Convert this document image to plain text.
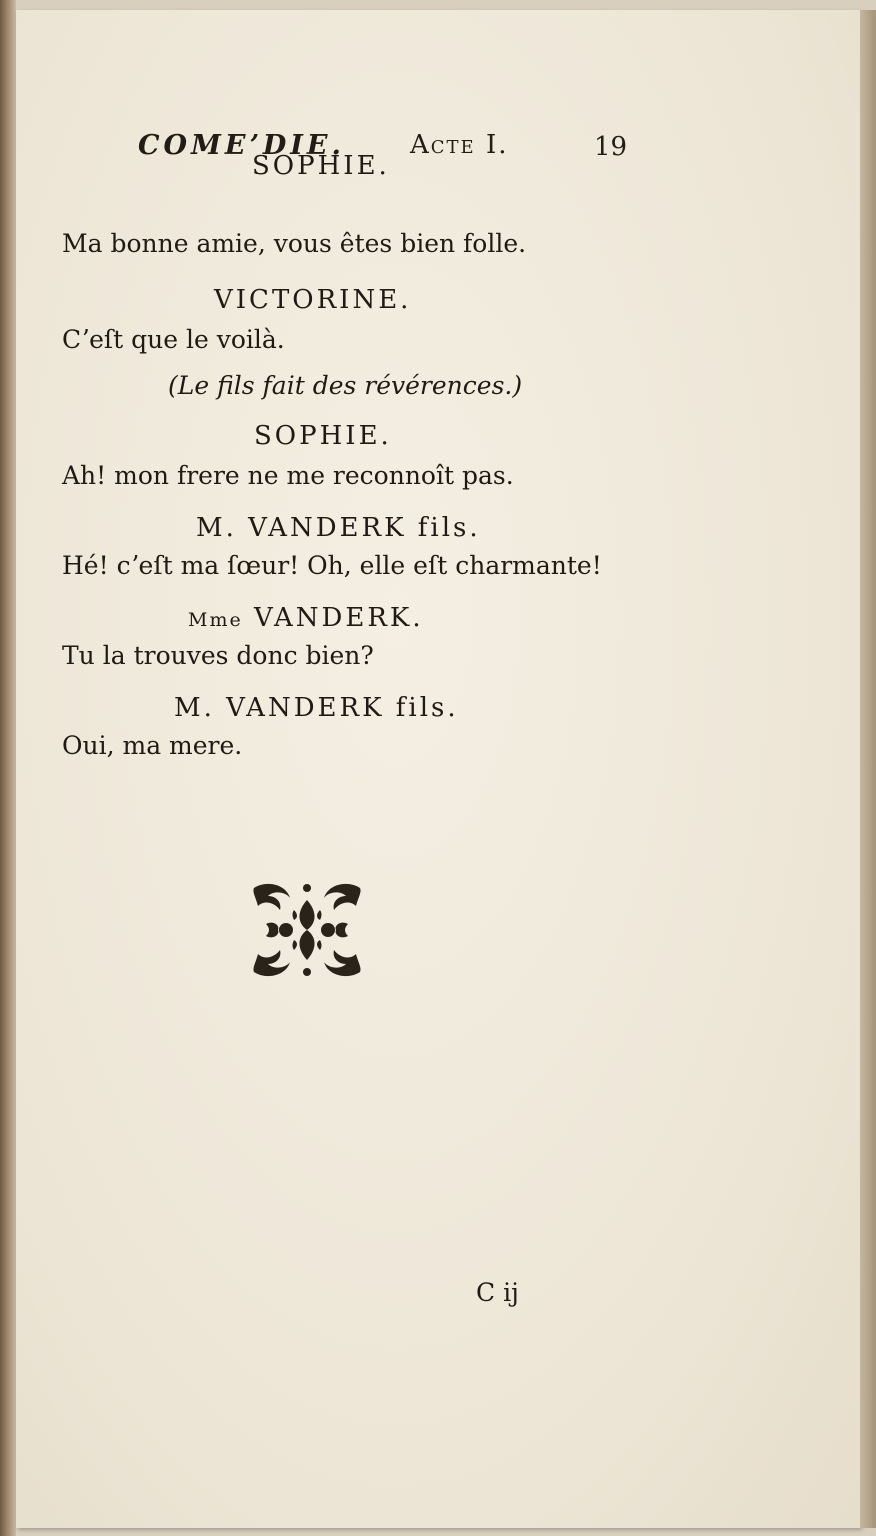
COMEʼDIE.	Acte I.	19
SOPHIE.
Ma bonne amie, vous êtes bien folle.
VICTORINE.
Cʼeſt que le voilà.
(Le fils fait des révérences.)
SOPHIE.
Ah! mon frere ne me reconnoît pas.
M. VANDERK fils.
Hé! cʼeſt ma ſœur! Oh, elle eſt charmante!
Mme VANDERK.
Tu la trouves donc bien?
M. VANDERK fils.
Oui, ma mere.
C ij
